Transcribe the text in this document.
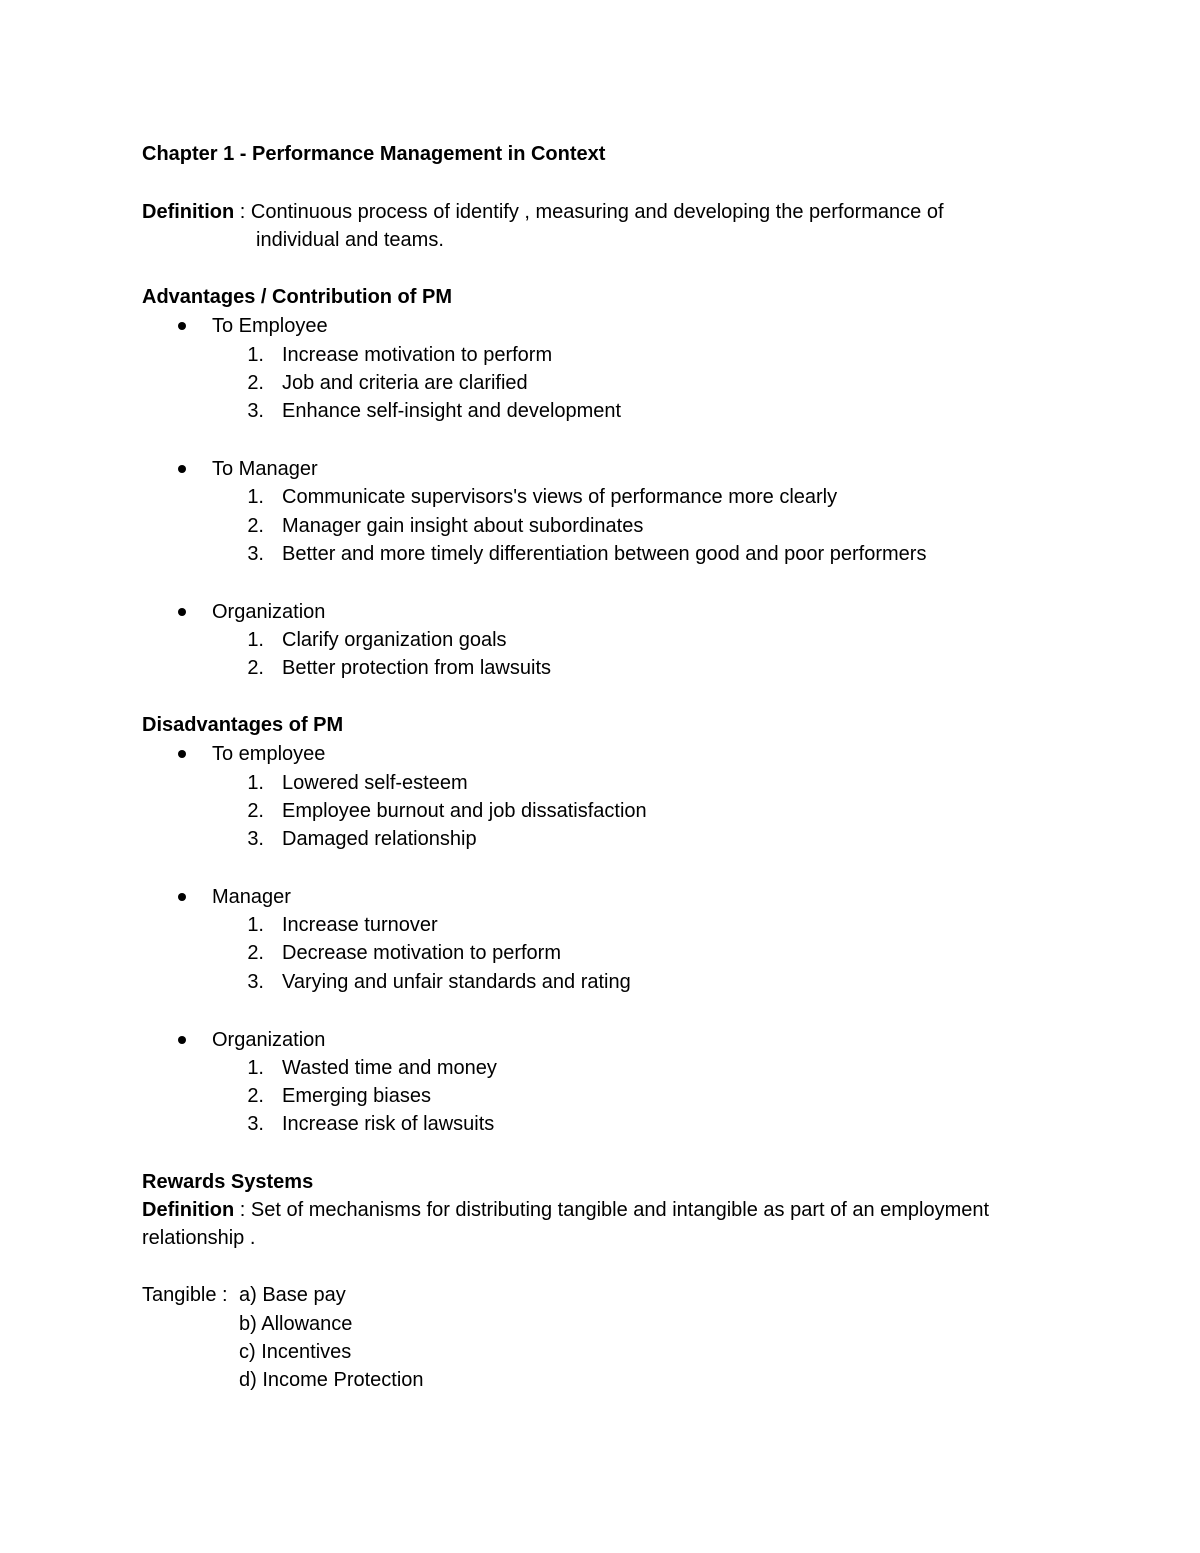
Chapter 1 - Performance Management in Context
Definition : Continuous process of identify , measuring and developing the performance of
individual and teams.
Advantages / Contribution of PM
To Employee
1. Increase motivation to perform
2. Job and criteria are clarified
3. Enhance self-insight and development
To Manager
1. Communicate supervisors's views of performance more clearly
2. Manager gain insight about subordinates
3. Better and more timely differentiation between good and poor performers
Organization
1. Clarify organization goals
2. Better protection from lawsuits
Disadvantages of PM
To employee
1. Lowered self-esteem
2. Employee burnout and job dissatisfaction
3. Damaged relationship
Manager
1. Increase turnover
2. Decrease motivation to perform
3. Varying and unfair standards and rating
Organization
1. Wasted time and money
2. Emerging biases
3. Increase risk of lawsuits
Rewards Systems
Definition : Set of mechanisms for distributing tangible and intangible as part of an employment
relationship .
Tangible : a) Base pay
b) Allowance
c) Incentives
d) Income Protection
